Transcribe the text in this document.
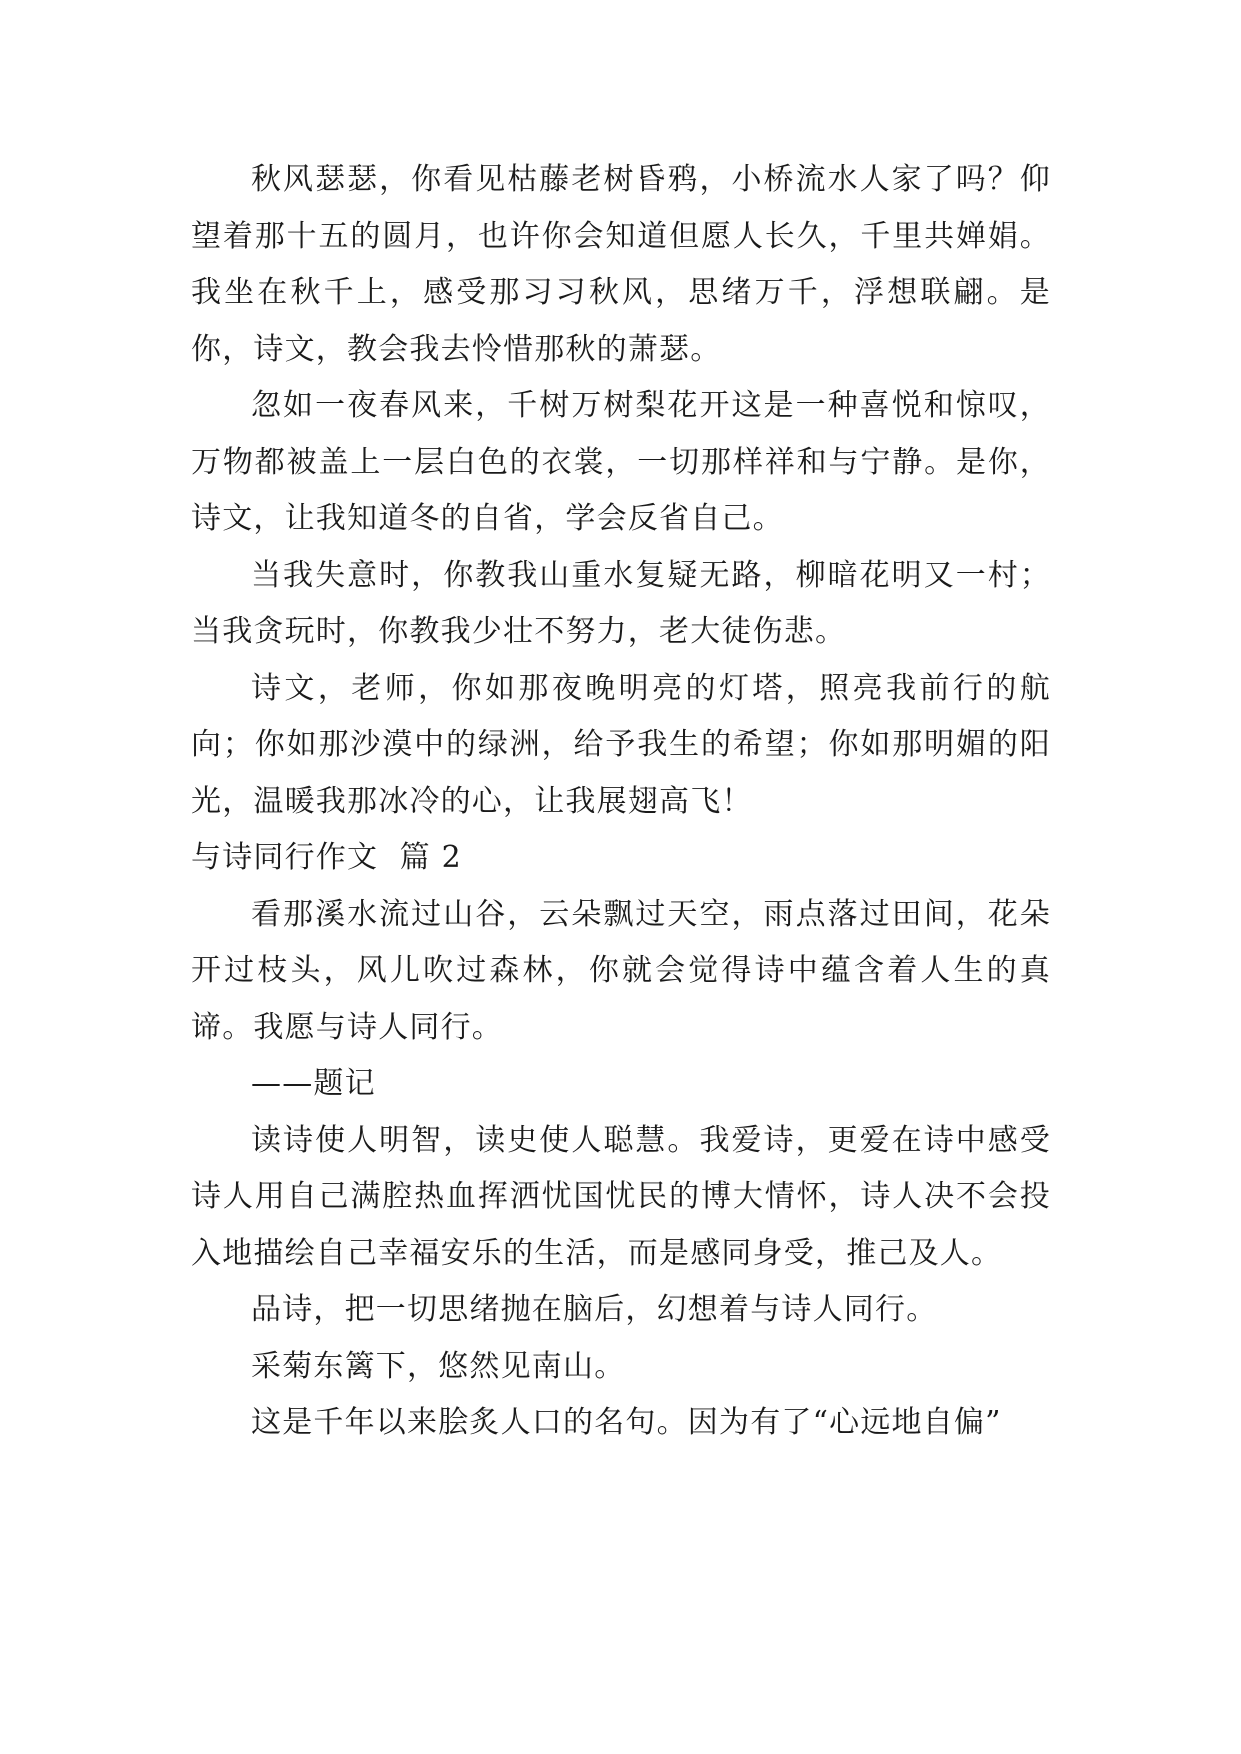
秋风瑟瑟，你看见枯藤老树昏鸦，小桥流水人家了吗？仰望着那十五的圆月，也许你会知道但愿人长久，千里共婵娟。我坐在秋千上，感受那习习秋风，思绪万千，浮想联翩。是你，诗文，教会我去怜惜那秋的萧瑟。

忽如一夜春风来，千树万树梨花开这是一种喜悦和惊叹，万物都被盖上一层白色的衣裳，一切那样祥和与宁静。是你，诗文，让我知道冬的自省，学会反省自己。

当我失意时，你教我山重水复疑无路，柳暗花明又一村；当我贪玩时，你教我少壮不努力，老大徒伤悲。

诗文，老师，你如那夜晚明亮的灯塔，照亮我前行的航向；你如那沙漠中的绿洲，给予我生的希望；你如那明媚的阳光，温暖我那冰冷的心，让我展翅高飞！

与诗同行作文  篇 2

看那溪水流过山谷，云朵飘过天空，雨点落过田间，花朵开过枝头，风儿吹过森林，你就会觉得诗中蕴含着人生的真谛。我愿与诗人同行。

——题记

读诗使人明智，读史使人聪慧。我爱诗，更爱在诗中感受诗人用自己满腔热血挥洒忧国忧民的博大情怀，诗人决不会投入地描绘自己幸福安乐的生活，而是感同身受，推己及人。

品诗，把一切思绪抛在脑后，幻想着与诗人同行。

采菊东篱下，悠然见南山。

这是千年以来脍炙人口的名句。因为有了“心远地自偏”
